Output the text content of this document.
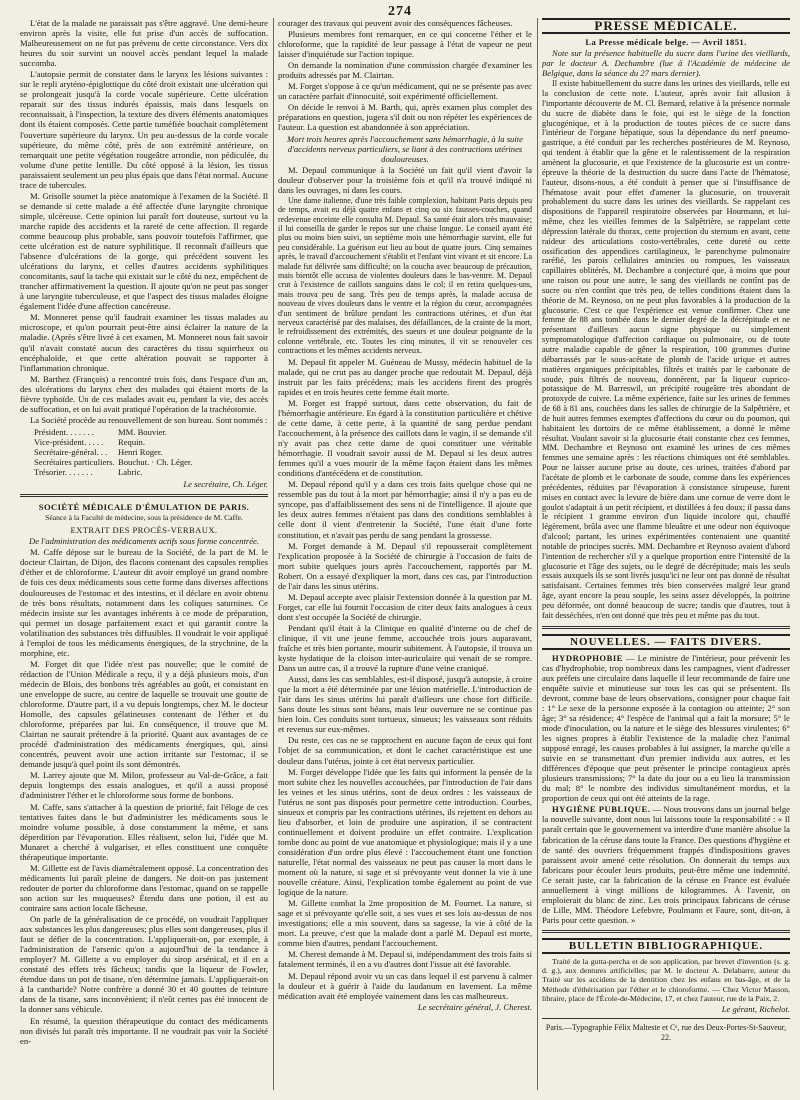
274

L'état de la malade ne paraissait pas s'être aggravé. Une demi-heure environ après la visite, elle fut prise d'un accès de suffocation. Malheureusement on ne fut pas prévenu de cette circonstance. Vers dix heures du soir survint un nouvel accès pendant lequel la malade succomba.

L'autopsie permit de constater dans le larynx les lésions suivantes : sur le repli aryténo-épiglottique du côté droit existait une ulcération qui se prolongeait jusqu'à la corde vocale supérieure. Cette ulcération reparait sur des tissus indurés épaissis, mais dans lesquels on reconnaissait, à l'inspection, la texture des divers éléments anatomiques dont ils étaient composés. Cette partie tuméfiée bouchait complètement l'ouverture supérieure du larynx. Un peu au-dessus de la corde vocale supérieure, du même côté, près de son extrémité antérieure, on remarquait une petite végétation rougeâtre arrondie, non pédiculée, du volume d'une petite lentille. Du côté opposé à la lésion, les tissus paraissaient seulement un peu plus épais que dans l'état normal. Aucune trace de tubercules.

M. Grisolle soumet la pièce anatomique à l'examen de la Société. Il se demande si cette malade a été affectée d'une laryngite chronique simple, ulcéreuse. Cette opinion lui paraît fort douteuse, surtout vu la marche rapide des accidents et la rareté de cette affection. Il regarde comme beaucoup plus probable, sans pouvoir toutefois l'affirmer, que cette ulcération est de nature syphilitique. Il reconnaît d'ailleurs que l'absence d'ulcérations de la gorge, qui précédent souvent les ulcérations du larynx, et celles d'autres accidents syphilitiques concomitants, sauf la tache qui existait sur le côté du nez, empêchent de trancher affirmativement la question. Il ajoute qu'on ne peut pas songer à une laryngite tuberculeuse, et que l'aspect des tissus malades éloigne également l'idée d'une affection cancéreuse.

M. Monneret pense qu'il faudrait examiner les tissus malades au microscope, et qu'on pourrait peut-être ainsi éclairer la nature de la maladie. (Après s'être livré à cet examen, M. Monneret nous fait savoir qu'il n'avait constaté aucun des caractères du tissu squirrheux ou encéphaloïde, et que cette altération pouvait se rapporter à l'inflammation chronique.

M. Barthez (François) a rencontré trois fois, dans l'espace d'un an, des ulcérations du larynx chez des malades qui étaient morts de la fièvre typhoïde. Un de ces malades avait eu, pendant la vie, des accès de suffocation, et on lui avait pratiqué l'opération de la trachéotomie.

La Société procède au renouvellement de son bureau. Sont nommés :

Président. . . . . . .	MM. Bouvier.
Vice-président. . . . .	Requin.
Secrétaire-général. . .	Henri Roger.
Secrétaires particuliers. Bouchut. · Ch. Léger.
Trésorier. . . . . . .	Labric.

Le secrétaire, Ch. Léger.

SOCIÉTÉ MÉDICALE D'ÉMULATION DE PARIS.

Séance à la Faculté de médecine, sous la présidence de M. Caffe.

EXTRAIT DES PROCÈS-VERBAUX.

De l'administration des médicaments actifs sous forme concentrée.

M. Caffe dépose sur le bureau de la Société, de la part de M. le docteur Clairtan, de Dijon, des flacons contenant des capsules remplies d'éther et de chloroforme. L'auteur dit avoir employé un grand nombre de fois ces deux médicaments sous cette forme dans diverses affections douloureuses de l'estomac et des intestins, et il déclare en avoir obtenu de très bons résultats, notamment dans les coliques saturnines. Ce médecin insiste sur les avantages inhérents à ce mode de préparation, qui permet un dosage parfaitement exact et qui garantit contre la volatilisation des substances très diffusibles. Il voudrait le voir appliqué à l'emploi de tous les médicaments énergiques, de la strychnine, de la morphine, etc.

M. Forget dit que l'idée n'est pas nouvelle; que le comité de rédaction de l'Union Médicale a reçu, il y a déjà plusieurs mois, d'un médecin de Blois, des bonbons très agréables au goût, et consistant en une enveloppe de sucre, au centre de laquelle se trouvait une goutte de chloroforme. D'autre part, il a vu depuis longtemps, chez M. le docteur Homolle, des capsules gélatineuses contenant de l'éther et du chloroforme, préparées par lui. En conséquence, il trouve que M. Clairtan ne saurait prétendre à la priorité. Quant aux avantages de ce procédé d'administration des médicaments énergiques, qui, ainsi concentrés, peuvent avoir une action irritante sur l'estomac, il se demande jusqu'à quel point ils sont démontrés.

M. Larrey ajoute que M. Milon, professeur au Val-de-Grâce, a fait depuis longtemps des essais analogues, et qu'il a aussi proposé d'administrer l'éther et le chloroforme sous forme de bonbons.

M. Caffe, sans s'attacher à la question de priorité, fait l'éloge de ces tentatives faites dans le but d'administrer les médicaments sous le moindre volume possible, à dose constamment la même, et sans déperdition par l'évaporation. Elles réalisent, selon lui, l'idée que M. Munaret a cherché à vulgariser, et elles constituent une conquête thérapeutique importante.

M. Gillette est de l'avis diamétralement opposé. La concentration des médicaments lui paraît pleine de dangers. Ne doit-on pas justement redouter de porter du chloroforme dans l'estomac, quand on se rappelle son action sur les muqueuses? Étendu dans une potion, il est au contraire sans action locale fâcheuse.

On parle de la généralisation de ce procédé, on voudrait l'appliquer aux substances les plus dangereuses; plus elles sont dangereuses, plus il faut se défier de la concentration. L'appliquerait-on, par exemple, à l'administration de l'arsenic qu'on a aujourd'hui de la tendance à employer? M. Gillette a vu employer du sirop arsénical, et il en a constaté des effets très fâcheux; tandis que la liqueur de Fowler, étendue dans un pot de tisane, n'en détermine jamais. L'appliquerait-on à la cantharide? Notre confrère a donné 30 et 40 gouttes de teinture dans de la tisane, sans inconvénient; il n'eût certes pas été innocent de la donner sans véhicule.

En résumé, la question thérapeutique du contact des médicaments non divisés lui paraît très importante. Il ne voudrait pas voir la Société en-

courager des travaux qui peuvent avoir des conséquences fâcheuses.

Plusieurs membres font remarquer, en ce qui concerne l'éther et le chloroforme, que la rapidité de leur passage à l'état de vapeur ne peut laisser d'inquiétude sur l'action topique.

On demande la nomination d'une commission chargée d'examiner les produits adressés par M. Clairtan.

M. Forget s'oppose à ce qu'un médicament, qui ne se présente pas avec un caractère parfait d'innocuité, soit expérimenté officiellement.

On décide le renvoi à M. Barth, qui, après examen plus complet des préparations en question, jugera s'il doit ou non répéter les expériences de l'auteur. La question est abandonnée à son appréciation.

Mort trois heures après l'accouchement sans hémorrhagie, à la suite d'accidents nerveux particuliers, se liant à des contractions utérines douloureuses.

M. Depaul communique à la Société un fait qu'il vient d'avoir la douleur d'observer pour la troisième fois et qu'il n'a trouvé indiqué ni dans les ouvrages, ni dans les cours.

Une dame italienne, d'une très faible complexion, habitant Paris depuis peu de temps, avait eu déjà quatre enfans et cinq ou six fausses-couches, quand redevenue enceinte elle consulta M. Depaul. Sa santé était alors très mauvaise; il lui conseilla de garder le repos sur une chaise longue. Le conseil ayant été plus ou moins bien suivi, un septième mois une hémorrhagie survint, elle fut peu considérable. La guérison eut lieu au bout de quatre jours. Cinq semaines après, le travail d'accouchement s'établit et l'enfant vint vivant et sit encore. La malade fut délivrée sans difficulté; on la coucha avec beaucoup de précaution, mais bientôt elle accusa de violentes douleurs dans le bas-ventre. M. Depaul crut à l'existence de caillots sanguins dans le col; il en retira quelques-uns, mais trouva peu de sang. Très peu de temps après, la malade accusa de nouveau de vives douleurs dans le ventre et la région du cœur, accompagnées d'un sentiment de brûlure pendant les contractions utérines, et d'un état nerveux caractérisé par des malaises, des défaillances, de la crainte de la mort, le refroidissement des extrémités, des sueurs et une douleur poignante de la colonne vertébrale, etc. Toutes les cinq minutes, il vit se renouveler ces contractions et les mêmes accidents nerveux.

M. Depaul fit appeler M. Guéneau de Mussy, médecin habituel de la malade, qui ne crut pas au danger proche que redoutait M. Depaul, déjà instruit par les faits précédens; mais les accidens firent des progrès rapides et en trois heures cette femme était morte.

M. Forget est frappé surtout, dans cette observation, du fait de l'hémorrhagie antérieure. En égard à la constitution particulière et chétive de cette dame, à cette perte, à la quantité de sang perdue pendant l'accouchement, à la présence des caillots dans le vagin, il se demande s'il n'y avait pas chez cette dame de quoi constituer une véritable hémorrhagie. Il voudrait savoir aussi de M. Depaul si les deux autres femmes qu'il a vues mourir de la même façon étaient dans les mêmes conditions d'antécédens et de constitution.

M. Depaul répond qu'il y a dans ces trois faits quelque chose qui ne ressemble pas du tout à la mort par hémorrhagie; ainsi il n'y a pas eu de syncope, pas d'affaiblissement des sens ni de l'intelligence. Il ajoute que les deux autres femmes n'étaient pas dans des conditions semblables à celle dont il vient d'entretenir la Société, l'une était d'une forte constitution, et n'avait pas perdu de sang pendant la grossesse.

M. Forget demande à M. Depaul s'il repousserait complètement l'explication proposée à la Société de chirurgie à l'occasion de faits de mort subite quelques jours après l'accouchement, rapportés par M. Robert. On a essayé d'expliquer la mort, dans ces cas, par l'introduction de l'air dans les sinus utérins.

M. Depaul accepte avec plaisir l'extension donnée à la question par M. Forget, car elle lui fournit l'occasion de citer deux faits analogues à ceux dont s'est occupée la Société de chirurgie.

Pendant qu'il était à la Clinique en qualité d'interne ou de chef de clinique, il vit une jeune femme, accouchée trois jours auparavant, fraîche et très bien portante, mourir subitement. À l'autopsie, il trouva un kyste hydatique de la cloison inter-auriculaire qui venait de se rompre. Dans un autre cas, il a trouvé la rupture d'une veine craniqué.

Aussi, dans les cas semblables, est-il disposé, jusqu'à autopsie, à croire que la mort a été déterminée par une lésion matérielle. L'introduction de l'air dans les sinus utérins lui paraît d'ailleurs une chose fort difficile. Sans doute les sinus sont béans, mais leur ouverture ne se continue pas bien loin. Ces conduits sont tortueux, sinueux; les vaisseaux sont réduits et revenus sur eux-mêmes.

Du reste, ces cas ne se rapprochent en aucune façon de ceux qui font l'objet de sa communication, et dont le cachet caractéristique est une douleur dans l'utérus, jointe à cet état nerveux particulier.

M. Forget développe l'idée que les faits qui informent la pensée de la mort subite chez les nouvelles accouchées, par l'introduction de l'air dans les veines et les sinus utérins, sont de deux ordres : les vaisseaux de l'utérus ne sont pas disposés pour permettre cette introduction. Courbes, sinueux et compris par les contractions utérines, ils rejettent en dehors au lieu d'absorber, et loin de produire une aspiration, il se contractent continuellement et doivent produire un effet contraire. L'explication tombe donc au point de vue anatomique et physiologique; mais il y a une considération d'un ordre plus élevé : l'accouchement étant une fonction naturelle, l'état normal des vaisseaux ne peut pas causer la mort dans le moment où la nature, si sage et si prévoyante veut donner la vie à une nouvelle créature. Ainsi, l'explication tombe également au point de vue logique de la nature.

M. Gillette combat la 2me proposition de M. Fournet. La nature, si sage et si prévoyante qu'elle soit, a ses vues et ses lois au-dessus de nos investigations; elle a mis souvent, dans sa sagesse, la vie à côté de la mort. La preuve, c'est que la malade dont a parlé M. Depaul est morte, comme bien d'autres, pendant l'accouchement.

M. Cherest demande à M. Depaul si, indépendamment des trois faits si fatalement terminés, il en a vu d'autres dont l'issue ait été favorable.

M. Depaul répond avoir vu un cas dans lequel il est parvenu à calmer la douleur et à guérir à l'aide du laudanum en lavement. La même médication avait été employée vainement dans les cas malheureux.

Le secrétaire général, J. Cherest.

PRESSE MÉDICALE.

La Presse médicale belge. — Avril 1851.

Note sur la présence habituelle du sucre dans l'urine des vieillards, par le docteur A. Dechambre (lue à l'Académie de médecine de Belgique, dans la séance du 27 mars dernier).

Il existe habituellement du sucre dans les urines des vieillards, telle est la conclusion de cette note. L'auteur, après avoir fait allusion à l'importante découverte de M. Cl. Bernard, relative à la présence normale du sucre de diabète dans le foie, qui est le siège de la fonction glucogénique, et à la production de toutes pièces de ce sucre dans l'intérieur de l'organe hépatique, sous la dépendance du nerf pneumo-gastrique, a été conduit par les recherches postérieures de M. Reynoso, qui tendent à établir que la gêne et le ralentissement de la respiration amènent la glucosurie, et que l'existence de la glucosurie est un contre-épreuve la théorie de la destruction du sucre dans l'acte de l'hématose, l'auteur, disons-nous, a été conduit à penser que si l'insuffisance de l'hématose avait pour effet d'amener la glucosurie, on trouverait probablement du sucre dans les urines des vieillards. Se rappelant ces dispositions de l'appareil respiratoire observées par Hourmann, et lui-même, chez les vieilles femmes de la Salpêtrière, se rappelant cette dépression latérale du thorax, cette projection du sternum en avant, cette raideur des articulations costo-vertébrales, cette dureté ou cette ossification des appendices cartilagineux, le parenchyme pulmonaire raréfié, les parois cellulaires amincies ou rompues, les vaisseaux capillaires oblitérés, M. Dechambre a conjecturé que, à moins que pour une raison ou pour une autre, le sang des vieillards ne contînt pas de sucre ou n'en contînt que très peu, de telles conditions étaient dans la théorie de M. Reynoso, on ne peut plus favorables à la production de la glucosurie. C'est ce que l'expérience est venue confirmer. Chez une femme de 88 ans tombée dans le dernier degré de la décrépitude et ne présentant d'ailleurs aucun signe physique ou simplement symptomatologique d'affection cardiaque ou pulmonaire, ou de toute autre maladie capable de gêner la respiration, 100 grammes d'urine débarrassés par le sous-acétate de plomb de l'acide urique et autres matières organiques précipitables, filtrés et traités par le carbonate de soude, puis filtrés de nouveau, donnèrent, par la liqueur cuprico-potassique de M. Barreswil, un précipité rougeâtre très abondant de protoxyde de cuivre. La même expérience, faite sur les urines de femmes de 68 à 81 ans, couchées dans les salles de chirurgie de la Salpêtrière, et de huit autres femmes exemptes d'affections du cœur ou du poumon, qui habitaient les dortoirs de ce même établissement, a donné le même résultat. Voulant savoir si la glucosurie était constante chez ces femmes, MM. Dechambre et Reynoso ont examiné les urines de ces mêmes femmes une semaine après : les réactions chimiques ont été semblables. Pour ne laisser aucune prise au doute, ces urines, traitées d'abord par l'acétate de plomb et le carbonate de soude, comme dans les expériences précédentes, réduites par l'évaporation à consistance sirupeuse, furent mises en contact avec la levure de bière dans une cornue de verre dont le goulot s'adaptait à un petit récipient, et distillées à feu doux; il passa dans le récipient 1 gramme environ d'un liquide incolore qui, chauffé légèrement, brûla avec une flamme bleuâtre et une odeur non équivoque d'alcool; partant, les urines expérimentées contenaient une quantité notable de principes sucrés. MM. Dechambre et Reynoso avaient d'abord l'intention de rechercher s'il y a quelque proportion entre l'intensité de la glucosurie et l'âge des sujets, ou le degré de décrépitude; mais les seuls essais auxquels ils se sont livrés jusqu'ici ne leur ont pas donné de résultat satisfaisant. Certaines femmes très bien conservées malgré leur grand âge, ayant encore la peau souple, les seins assez développés, la poitrine peu déformée, ont donné beaucoup de sucre; tandis que d'autres, tout à fait desséchées, n'en ont donné que très peu et même pas du tout.

NOUVELLES. — FAITS DIVERS.

HYDROPHOBIE — Le ministre de l'intérieur, pour prévenir les cas d'hydrophobie, trop nombreux dans les campagnes, vient d'adresser aux préfets une circulaire dans laquelle il leur recommande de faire une enquête suivie et minutieuse sur tous les cas qui se présentent. Ils devront, comme base de leurs observations, consigner pour chaque fait : 1° Le sexe de la personne exposée à la contagion ou atteinte; 2° son âge; 3° sa résidence; 4° l'espèce de l'animal qui a fait la morsure; 5° le mode d'inoculation, ou la nature et le siège des blessures virulentes; 6° les signes propres à établir l'existence de la maladie chez l'animal supposé enragé, les causes probables à lui assigner, la marche qu'elle a suivie en se transmettant d'un premier individu aux autres, et les différences d'époque que peut présenter le principe contagieux après plusieurs transmissions; 7° la date du jour ou a eu lieu la transmission du mal; 8° le nombre des individus simultanément mordus, et la proportion de ceux qui ont été atteints de la rage.

HYGIÈNE PUBLIQUE. — Nous trouvons dans un journal belge la nouvelle suivante, dont nous lui laissons toute la responsabilité : « Il paraît certain que le gouvernement va interdire d'une manière absolue la fabrication de la céruse dans toute la France. Des questions d'hygiène et de santé des ouvriers fréquemment frappés d'indispositions graves paraissent avoir amené cette résolution. On donnerait du temps aux fabricans pour écouler leurs produits, peut-être même une indemnité. Ce serait juste, car la fabrication de la céruse en France est évaluée annuellement à vingt millions de kilogrammes. À l'avenir, on emploierait du blanc de zinc. Les trois principaux fabricans de céruse de Lille, MM. Théodore Lefebvre, Poulmann et Faure, sont, dit-on, à Paris pour cette question. »

BULLETIN BIBLIOGRAPHIQUE.

Traité de la gutta-percha et de son application, par brevet d'invention (s. g. d. g.), aux dentures artificielles; par M. le docteur A. Delabarre, auteur du Traité sur les accidens de la dentition chez les enfans en bas-âge, et de la Méthode d'éthérisation par l'éther et le chloroforme. — Chez Victor Masson, libraire, place de l'École-de-Médecine, 17, et chez l'auteur, rue de la Paix, 2.

Le gérant, Richelot.

Paris.—Typographie Félix Malteste et Cᵉ, rue des Deux-Portes-St-Sauveur, 22.
